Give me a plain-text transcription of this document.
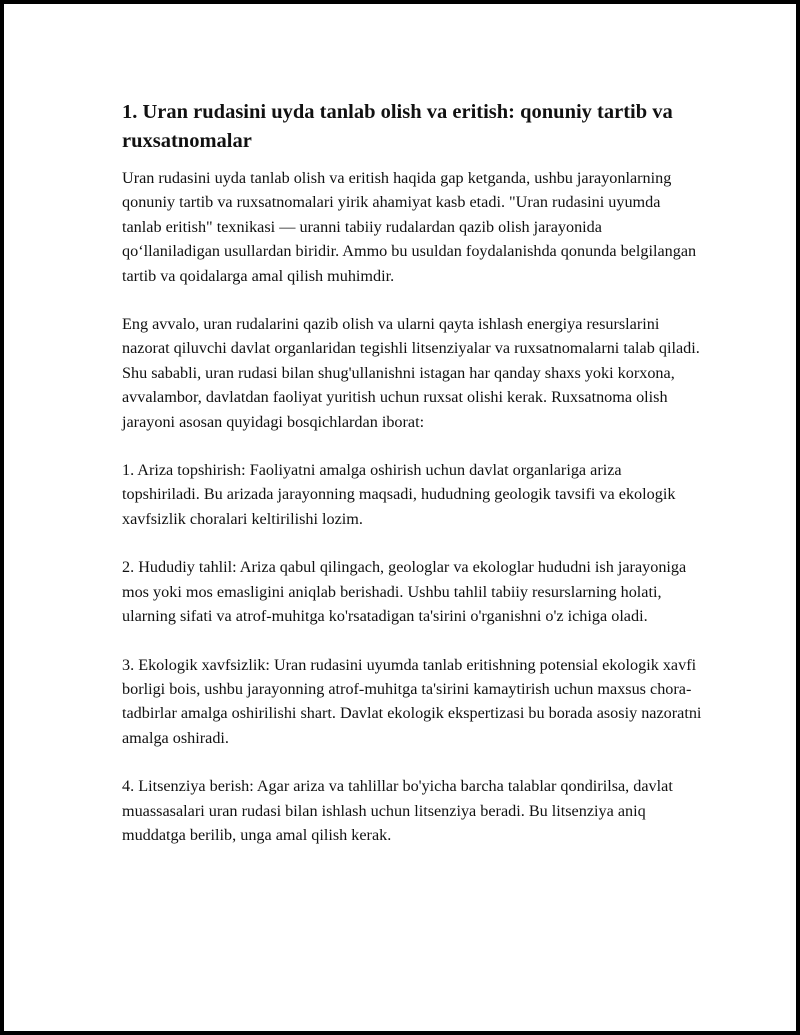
1. Uran rudasini uyda tanlab olish va eritish: qonuniy tartib va ruxsatnomalar

Uran rudasini uyda tanlab olish va eritish haqida gap ketganda, ushbu jarayonlarning qonuniy tartib va ruxsatnomalari yirik ahamiyat kasb etadi. "Uran rudasini uyumda tanlab eritish" texnikasi — uranni tabiiy rudalardan qazib olish jarayonida qo‘llaniladigan usullardan biridir. Ammo bu usuldan foydalanishda qonunda belgilangan tartib va qoidalarga amal qilish muhimdir.

Eng avvalo, uran rudalarini qazib olish va ularni qayta ishlash energiya resurslarini nazorat qiluvchi davlat organlaridan tegishli litsenziyalar va ruxsatnomalarni talab qiladi. Shu sababli, uran rudasi bilan shug'ullanishni istagan har qanday shaxs yoki korxona, avvalambor, davlatdan faoliyat yuritish uchun ruxsat olishi kerak. Ruxsatnoma olish jarayoni asosan quyidagi bosqichlardan iborat:

1. Ariza topshirish: Faoliyatni amalga oshirish uchun davlat organlariga ariza topshiriladi. Bu arizada jarayonning maqsadi, hududning geologik tavsifi va ekologik xavfsizlik choralari keltirilishi lozim.

2. Hududiy tahlil: Ariza qabul qilingach, geologlar va ekologlar hududni ish jarayoniga mos yoki mos emasligini aniqlab berishadi. Ushbu tahlil tabiiy resurslarning holati, ularning sifati va atrof-muhitga ko'rsatadigan ta'sirini o'rganishni o'z ichiga oladi.

3. Ekologik xavfsizlik: Uran rudasini uyumda tanlab eritishning potensial ekologik xavfi borligi bois, ushbu jarayonning atrof-muhitga ta'sirini kamaytirish uchun maxsus chora-tadbirlar amalga oshirilishi shart. Davlat ekologik ekspertizasi bu borada asosiy nazoratni amalga oshiradi.

4. Litsenziya berish: Agar ariza va tahlillar bo'yicha barcha talablar qondirilsa, davlat muassasalari uran rudasi bilan ishlash uchun litsenziya beradi. Bu litsenziya aniq muddatga berilib, unga amal qilish kerak.
